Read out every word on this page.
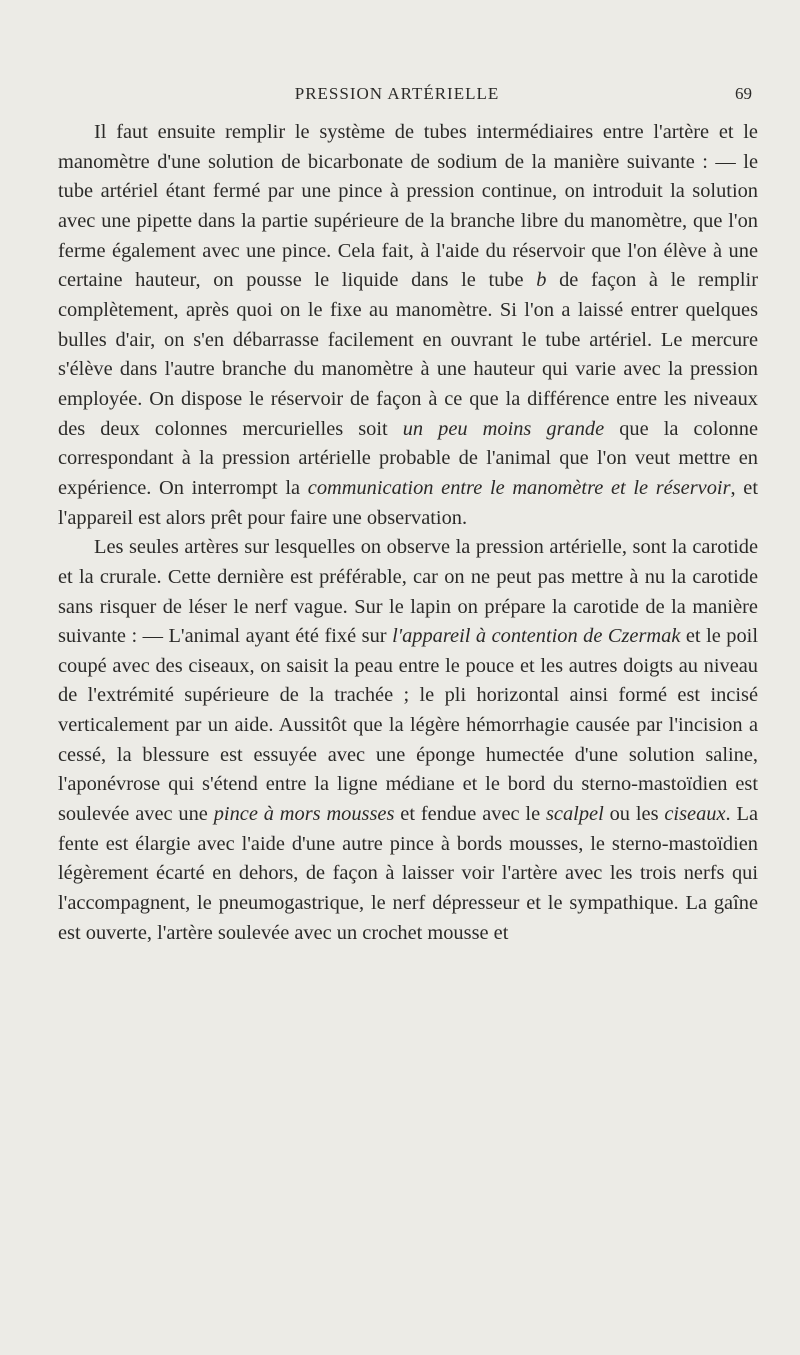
PRESSION ARTÉRIELLE	69

Il faut ensuite remplir le système de tubes intermédiaires entre l'artère et le manomètre d'une solution de bicarbonate de sodium de la manière suivante : — le tube artériel étant fermé par une pince à pression continue, on introduit la solution avec une pipette dans la partie supérieure de la branche libre du manomètre, que l'on ferme également avec une pince. Cela fait, à l'aide du réservoir que l'on élève à une certaine hauteur, on pousse le liquide dans le tube b de façon à le remplir complètement, après quoi on le fixe au manomètre. Si l'on a laissé entrer quelques bulles d'air, on s'en débarrasse facilement en ouvrant le tube artériel. Le mercure s'élève dans l'autre branche du manomètre à une hauteur qui varie avec la pression employée. On dispose le réservoir de façon à ce que la différence entre les niveaux des deux colonnes mercurielles soit un peu moins grande que la colonne correspondant à la pression artérielle probable de l'animal que l'on veut mettre en expérience. On interrompt la communication entre le manomètre et le réservoir, et l'appareil est alors prêt pour faire une observation.

Les seules artères sur lesquelles on observe la pression artérielle, sont la carotide et la crurale. Cette dernière est préférable, car on ne peut pas mettre à nu la carotide sans risquer de léser le nerf vague. Sur le lapin on prépare la carotide de la manière suivante : — L'animal ayant été fixé sur l'appareil à contention de Czermak et le poil coupé avec des ciseaux, on saisit la peau entre le pouce et les autres doigts au niveau de l'extrémité supérieure de la trachée ; le pli horizontal ainsi formé est incisé verticalement par un aide. Aussitôt que la légère hémorrhagie causée par l'incision a cessé, la blessure est essuyée avec une éponge humectée d'une solution saline, l'aponévrose qui s'étend entre la ligne médiane et le bord du sterno-mastoïdien est soulevée avec une pince à mors mousses et fendue avec le scalpel ou les ciseaux. La fente est élargie avec l'aide d'une autre pince à bords mousses, le sterno-mastoïdien légèrement écarté en dehors, de façon à laisser voir l'artère avec les trois nerfs qui l'accompagnent, le pneumogastrique, le nerf dépresseur et le sympathique. La gaîne est ouverte, l'artère soulevée avec un crochet mousse et
